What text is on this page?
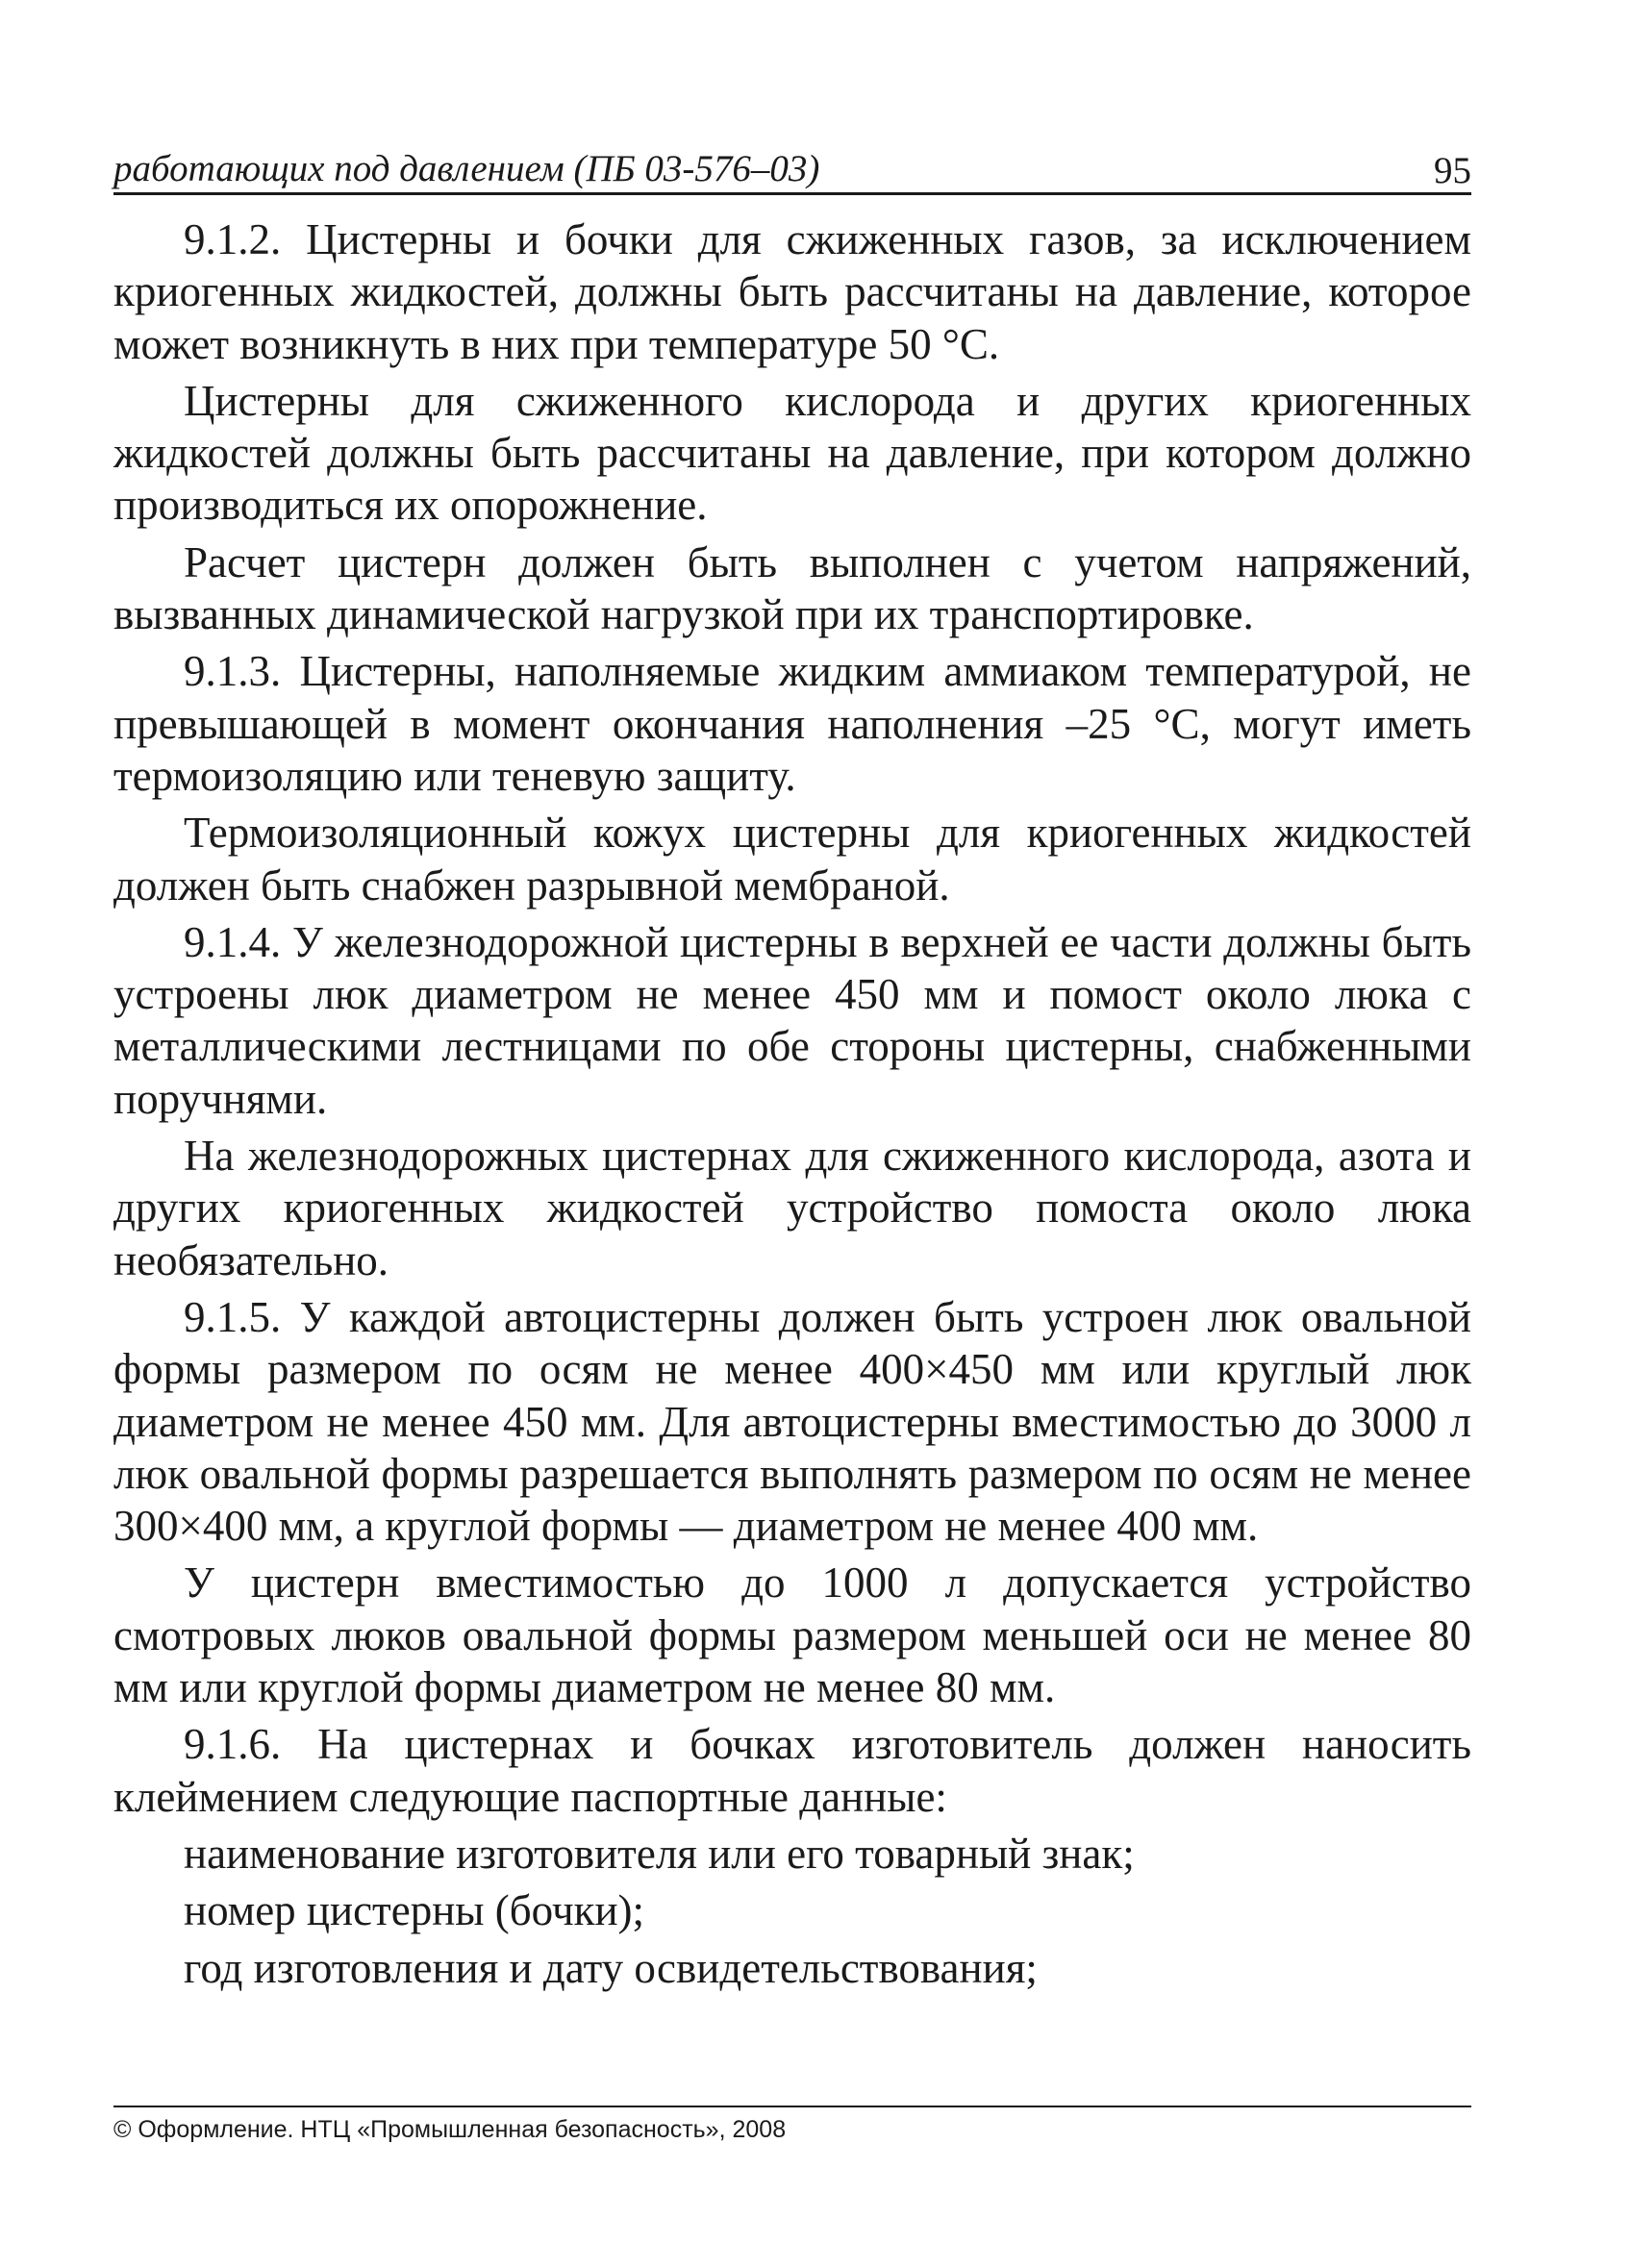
работающих под давлением (ПБ 03-576–03)	95

9.1.2. Цистерны и бочки для сжиженных газов, за исключением криогенных жидкостей, должны быть рассчитаны на давление, которое может возникнуть в них при температуре 50 °С.

Цистерны для сжиженного кислорода и других криогенных жидкостей должны быть рассчитаны на давление, при котором должно производиться их опорожнение.

Расчет цистерн должен быть выполнен с учетом напряжений, вызванных динамической нагрузкой при их транспортировке.

9.1.3. Цистерны, наполняемые жидким аммиаком температурой, не превышающей в момент окончания наполнения –25 °С, могут иметь термоизоляцию или теневую защиту.

Термоизоляционный кожух цистерны для криогенных жидкостей должен быть снабжен разрывной мембраной.

9.1.4. У железнодорожной цистерны в верхней ее части должны быть устроены люк диаметром не менее 450 мм и помост около люка с металлическими лестницами по обе стороны цистерны, снабженными поручнями.

На железнодорожных цистернах для сжиженного кислорода, азота и других криогенных жидкостей устройство помоста около люка необязательно.

9.1.5. У каждой автоцистерны должен быть устроен люк овальной формы размером по осям не менее 400×450 мм или круглый люк диаметром не менее 450 мм. Для автоцистерны вместимостью до 3000 л люк овальной формы разрешается выполнять размером по осям не менее 300×400 мм, а круглой формы — диаметром не менее 400 мм.

У цистерн вместимостью до 1000 л допускается устройство смотровых люков овальной формы размером меньшей оси не менее 80 мм или круглой формы диаметром не менее 80 мм.

9.1.6. На цистернах и бочках изготовитель должен наносить клеймением следующие паспортные данные:

наименование изготовителя или его товарный знак;

номер цистерны (бочки);

год изготовления и дату освидетельствования;

© Оформление. НТЦ «Промышленная безопасность», 2008
